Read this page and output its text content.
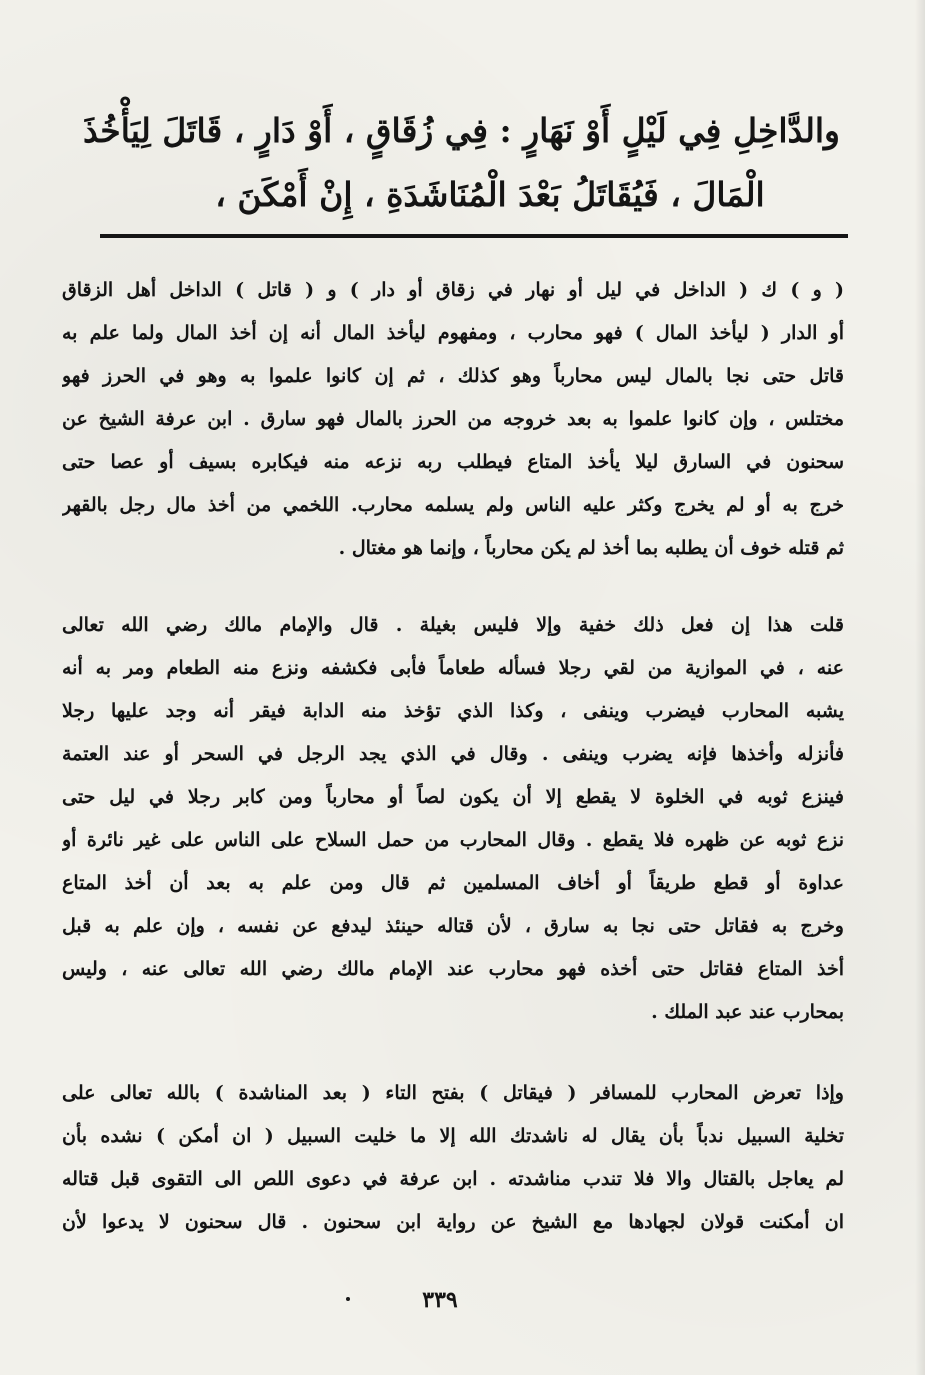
والدَّاخِلِ فِي لَيْلٍ أَوْ نَهَارٍ : فِي زُقَاقٍ ، أَوْ دَارٍ ، قَاتَلَ لِيَأْخُذَ
الْمَالَ ، فَيُقَاتَلُ بَعْدَ الْمُنَاشَدَةِ ، إِنْ أَمْكَنَ ،
( و ) ك ( الداخل في ليل أو نهار في زقاق أو دار ) و ( قاتل ) الداخل أهل الزقاق
أو الدار ( ليأخذ المال ) فهو محارب ، ومفهوم ليأخذ المال أنه إن أخذ المال ولما علم به
قاتل حتى نجا بالمال ليس محارباً وهو كذلك ، ثم إن كانوا علموا به وهو في الحرز فهو
مختلس ، وإن كانوا علموا به بعد خروجه من الحرز بالمال فهو سارق . ابن عرفة الشيخ عن
سحنون في السارق ليلا يأخذ المتاع فيطلب ربه نزعه منه فيكابره بسيف أو عصا حتى
خرج به أو لم يخرج وكثر عليه الناس ولم يسلمه محارب. اللخمي من أخذ مال رجل بالقهر
ثم قتله خوف أن يطلبه بما أخذ لم يكن محارباً ، وإنما هو مغتال .
قلت هذا إن فعل ذلك خفية وإلا فليس بغيلة . قال والإمام مالك رضي الله تعالى
عنه ، في الموازية من لقي رجلا فسأله طعاماً فأبى فكشفه ونزع منه الطعام ومر به أنه
يشبه المحارب فيضرب وينفى ، وكذا الذي تؤخذ منه الدابة فيقر أنه وجد عليها رجلا
فأنزله وأخذها فإنه يضرب وينفى . وقال في الذي يجد الرجل في السحر أو عند العتمة
فينزع ثوبه في الخلوة لا يقطع إلا أن يكون لصاً أو محارباً ومن كابر رجلا في ليل حتى
نزع ثوبه عن ظهره فلا يقطع . وقال المحارب من حمل السلاح على الناس على غير نائرة أو
عداوة أو قطع طريقاً أو أخاف المسلمين ثم قال ومن علم به بعد أن أخذ المتاع
وخرج به فقاتل حتى نجا به سارق ، لأن قتاله حينئذ ليدفع عن نفسه ، وإن علم به قبل
أخذ المتاع فقاتل حتى أخذه فهو محارب عند الإمام مالك رضي الله تعالى عنه ، وليس
بمحارب عند عبد الملك .
وإذا تعرض المحارب للمسافر ( فيقاتل ) بفتح التاء ( بعد المناشدة ) بالله تعالى على
تخلية السبيل ندباً بأن يقال له ناشدتك الله إلا ما خليت السبيل ( ان أمكن ) نشده بأن
لم يعاجل بالقتال والا فلا تندب مناشدته . ابن عرفة في دعوى اللص الى التقوى قبل قتاله
ان أمكنت قولان لجهادها مع الشيخ عن رواية ابن سحنون . قال سحنون لا يدعوا لأن
٣٣٩
